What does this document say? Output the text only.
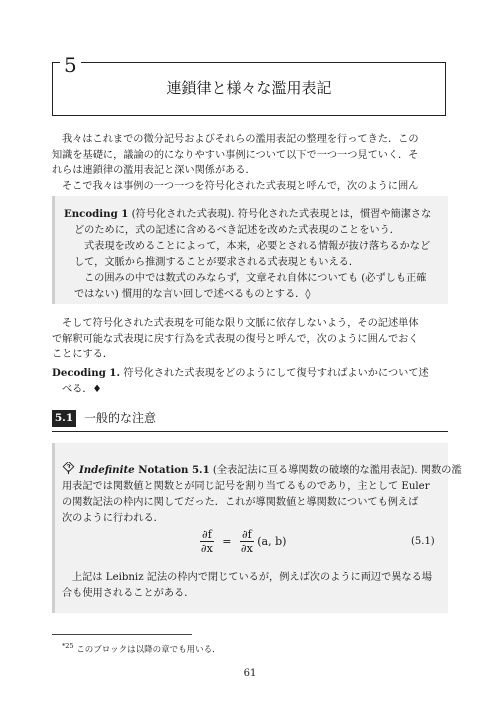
5
連鎖律と様々な濫用表記
我々はこれまでの微分記号およびそれらの濫用表記の整理を行ってきた．この
知識を基礎に，議論の的になりやすい事例について以下で一つ一つ見ていく．そ
れらは連鎖律の濫用表記と深い関係がある．
そこで我々は事例の一つ一つを符号化された式表現と呼んで，次のように囲ん
Encoding 1 (符号化された式表現). 符号化された式表現とは，慣習や簡潔さな
どのために，式の記述に含めるべき記述を改めた式表現のことをいう．
式表現を改めることによって，本来，必要とされる情報が抜け落ちるかなど
して，文脈から推測することが要求される式表現ともいえる．
この囲みの中では数式のみならず，文章それ自体についても (必ずしも正確
ではない) 慣用的な言い回しで述べるものとする．◊
そして符号化された式表現を可能な限り文脈に依存しないよう，その記述単体
で解釈可能な式表現に戻す行為を式表現の復号と呼んで，次のように囲んでおく
ことにする．
Decoding 1. 符号化された式表現をどのようにして復号すればよいかについて述
べる．♦
5.1 一般的な注意
Indefinite Notation 5.1 (全表記法に亘る導関数の破壊的な濫用表記). 関数の濫
用表記では関数値と関数とが同じ記号を割り当てるものであり，主として Euler
の関数記法の枠内に関してだった．これが導関数値と導関数についても例えば
次のように行われる．
$\frac{\partial f}{\partial x} = \frac{\partial f}{\partial x} (a$, b)	(5.1)
上記は Leibniz 記法の枠内で閉じているが，例えば次のように両辺で異なる場
合も使用されることがある．
$^{*25}$ このブロックは以降の章でも用いる．
61
